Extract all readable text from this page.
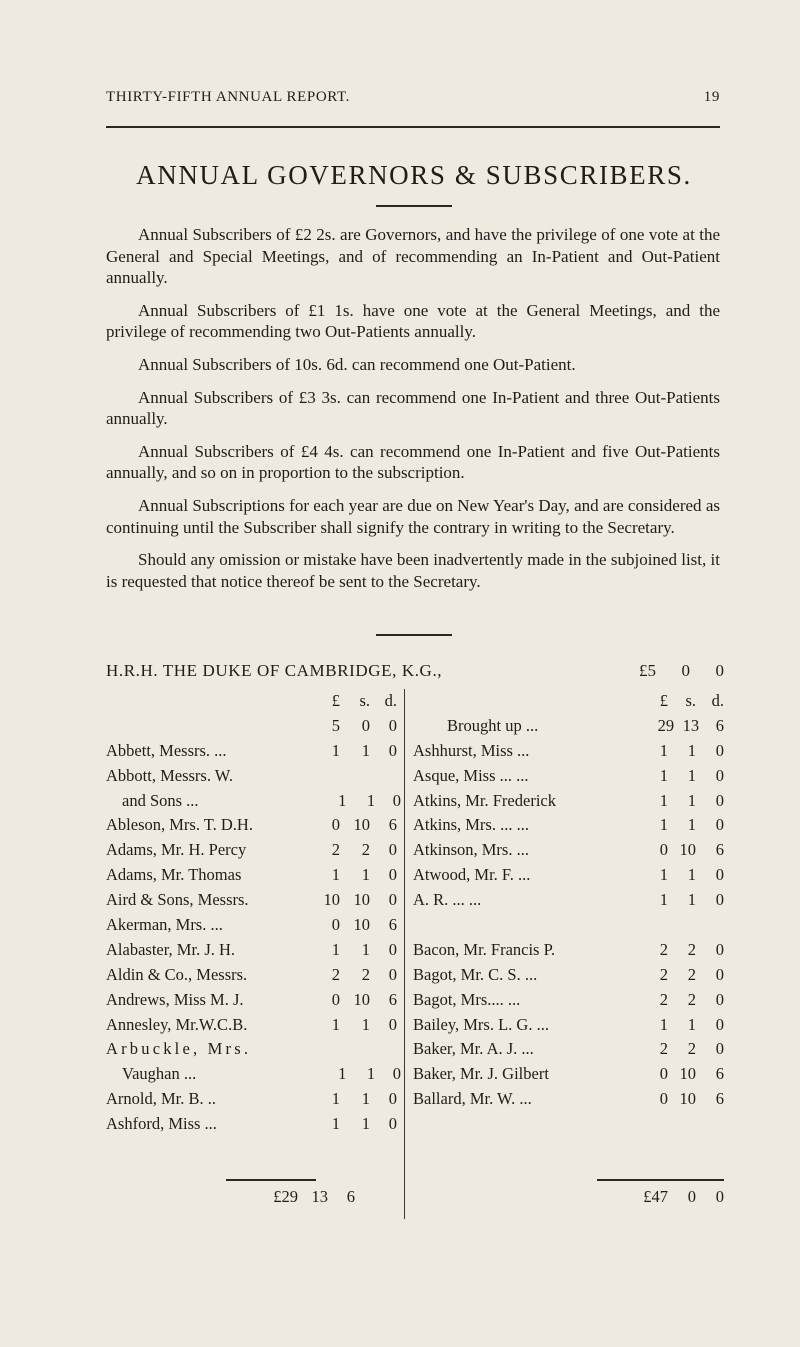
THIRTY-FIFTH ANNUAL REPORT.	19
ANNUAL GOVERNORS & SUBSCRIBERS.

Annual Subscribers of £2 2s. are Governors, and have the privilege of one vote at the General and Special Meetings, and of recommending an In-Patient and Out-Patient annually.

Annual Subscribers of £1 1s. have one vote at the General Meetings, and the privilege of recommending two Out-Patients annually.

Annual Subscribers of 10s. 6d. can recommend one Out-Patient.

Annual Subscribers of £3 3s. can recommend one In-Patient and three Out-Patients annually.

Annual Subscribers of £4 4s. can recommend one In-Patient and five Out-Patients annually, and so on in proportion to the subscription.

Annual Subscriptions for each year are due on New Year's Day, and are considered as continuing until the Subscriber shall signify the contrary in writing to the Secretary.

Should any omission or mistake have been inadvertently made in the subjoined list, it is requested that notice thereof be sent to the Secretary.

H.R.H. THE DUKE OF CAMBRIDGE, K.G.,	£5	0	0
£	s. d.
5	0	0
Abbett, Messrs. ...	1	1	0
Abbott, Messrs. W.
and Sons ...	1	1	0
Ableson, Mrs. T. D.H.	0 10	6
Adams, Mr. H. Percy	2	2	0
Adams, Mr. Thomas	1	1	0
Aird & Sons, Messrs.	10 10	0
Akerman, Mrs. ...	0 10	6
Alabaster, Mr. J. H.	1	1	0
Aldin & Co., Messrs.	2	2	0
Andrews, Miss M. J.	0 10	6
Annesley, Mr.W.C.B.	1	1	0
Arbuckle, Mrs.
Vaughan ...	1	1	0
Arnold, Mr. B. ..	1	1	0
Ashford, Miss ...	1	1	0
£	s. d.
Brought up ...	29 13	6
Ashhurst, Miss ...	1	1	0
Asque, Miss ... ...	1	1	0
Atkins, Mr. Frederick	1	1	0
Atkins, Mrs. ... ...	1	1	0
Atkinson, Mrs. ...	0 10	6
Atwood, Mr. F. ...	1	1	0
A. R. ... ...	1	1	0
Bacon, Mr. Francis P.	2	2	0
Bagot, Mr. C. S. ...	2	2	0
Bagot, Mrs.... ...	2	2	0
Bailey, Mrs. L. G. ...	1	1	0
Baker, Mr. A. J. ...	2	2	0
Baker, Mr. J. Gilbert	0 10	6
Ballard, Mr. W. ...	0 10	6
£29 13	6	£47	0	0
